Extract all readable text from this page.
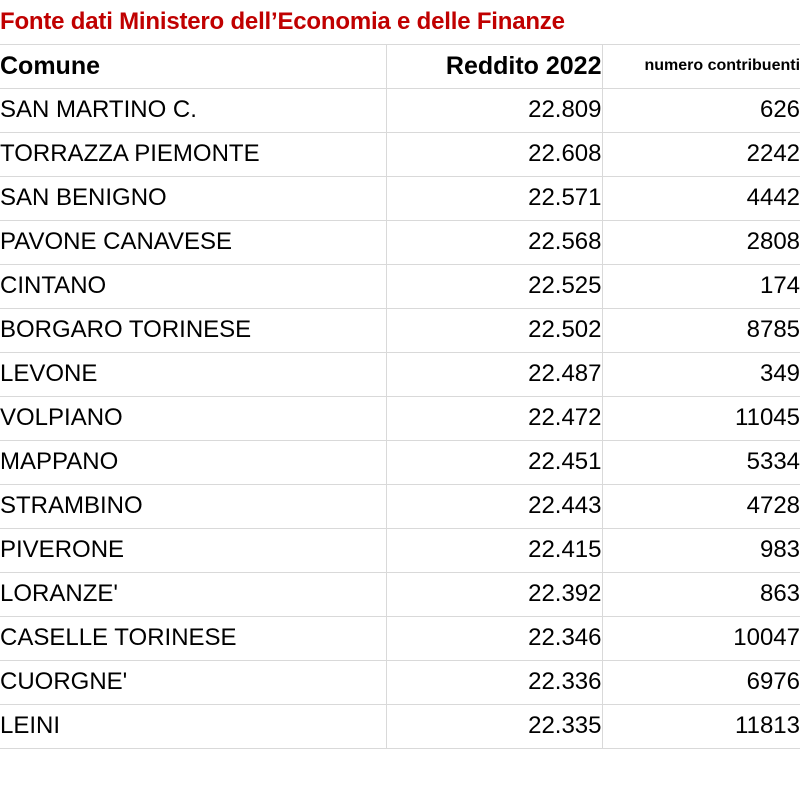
Fonte dati Ministero dell’Economia e delle Finanze		
Comune	Reddito 2022	numero contribuenti
SAN MARTINO C.	22.809	626
TORRAZZA PIEMONTE	22.608	2242
SAN BENIGNO	22.571	4442
PAVONE CANAVESE	22.568	2808
CINTANO	22.525	174
BORGARO TORINESE	22.502	8785
LEVONE	22.487	349
VOLPIANO	22.472	11045
MAPPANO	22.451	5334
STRAMBINO	22.443	4728
PIVERONE	22.415	983
LORANZE'	22.392	863
CASELLE TORINESE	22.346	10047
CUORGNE'	22.336	6976
LEINI	22.335	11813
